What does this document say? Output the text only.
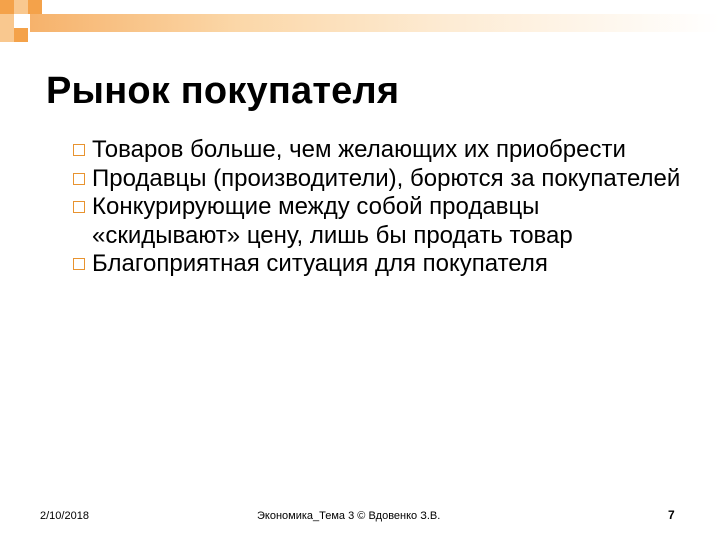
Рынок покупателя
Товаров больше, чем желающих их приобрести
Продавцы (производители), борются за покупателей
Конкурирующие между собой продавцы «скидывают» цену, лишь бы продать товар
Благоприятная ситуация для покупателя
2/10/2018	Экономика_Тема 3 © Вдовенко З.В.	7
